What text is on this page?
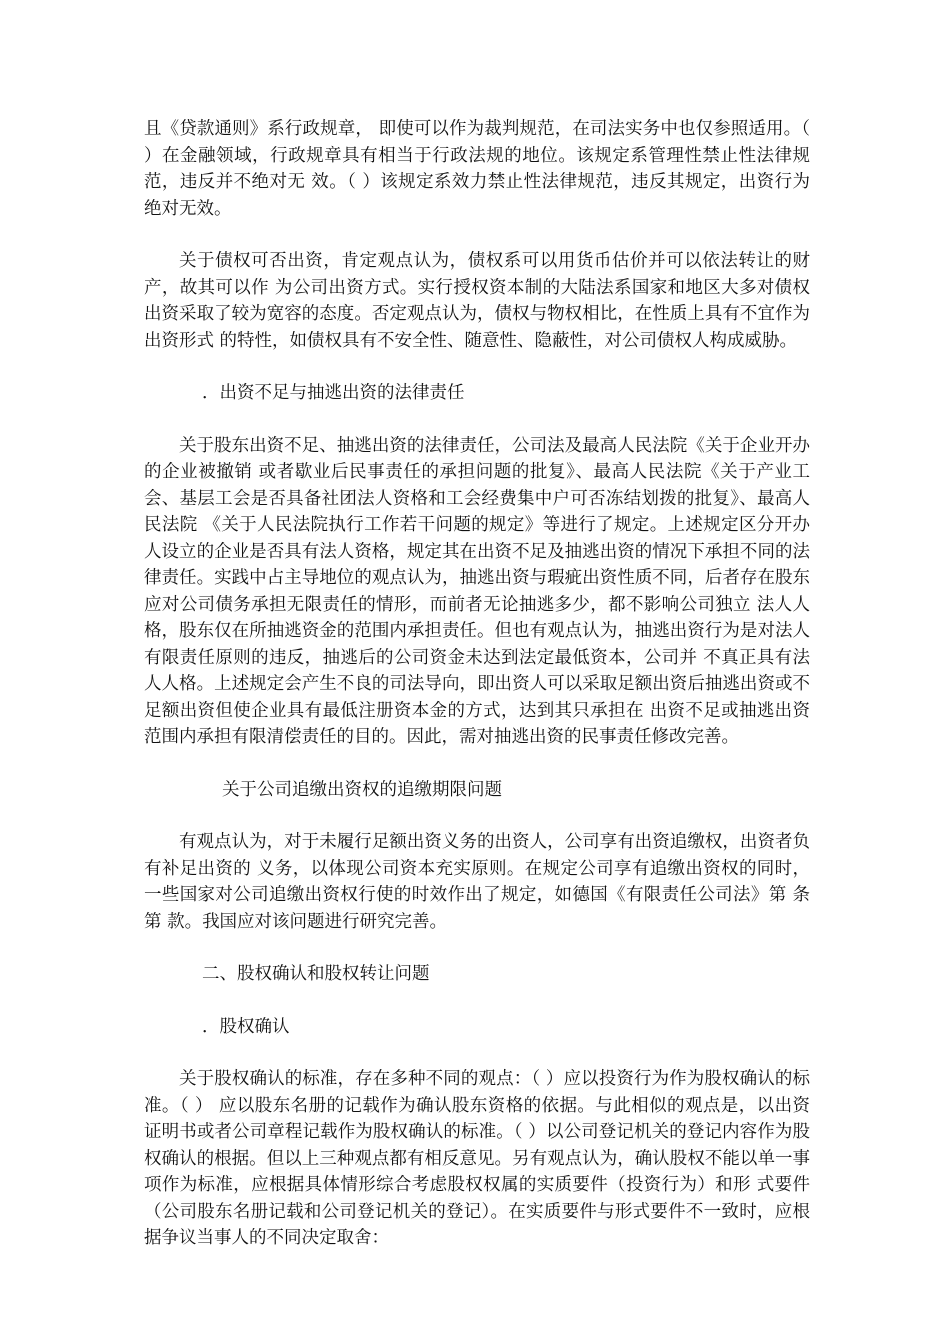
且《贷款通则》系行政规章， 即使可以作为裁判规范，在司法实务中也仅参照适用。（ ）在金融领域，行政规章具有相当于行政法规的地位。该规定系管理性禁止性法律规范，违反并不绝对无 效。（ ）该规定系效力禁止性法律规范，违反其规定，出资行为绝对无效。

关于债权可否出资，肯定观点认为，债权系可以用货币估价并可以依法转让的财产，故其可以作 为公司出资方式。实行授权资本制的大陆法系国家和地区大多对债权出资采取了较为宽容的态度。否定观点认为，债权与物权相比，在性质上具有不宜作为出资形式 的特性，如债权具有不安全性、随意性、隐蔽性，对公司债权人构成威胁。

．出资不足与抽逃出资的法律责任

关于股东出资不足、抽逃出资的法律责任，公司法及最高人民法院《关于企业开办的企业被撤销 或者歇业后民事责任的承担问题的批复》、最高人民法院《关于产业工会、基层工会是否具备社团法人资格和工会经费集中户可否冻结划拨的批复》、最高人民法院 《关于人民法院执行工作若干问题的规定》等进行了规定。上述规定区分开办人设立的企业是否具有法人资格，规定其在出资不足及抽逃出资的情况下承担不同的法 律责任。实践中占主导地位的观点认为，抽逃出资与瑕疵出资性质不同，后者存在股东应对公司债务承担无限责任的情形，而前者无论抽逃多少，都不影响公司独立 法人人格，股东仅在所抽逃资金的范围内承担责任。但也有观点认为，抽逃出资行为是对法人有限责任原则的违反，抽逃后的公司资金未达到法定最低资本，公司并 不真正具有法人人格。上述规定会产生不良的司法导向，即出资人可以采取足额出资后抽逃出资或不足额出资但使企业具有最低注册资本金的方式，达到其只承担在 出资不足或抽逃出资范围内承担有限清偿责任的目的。因此，需对抽逃出资的民事责任修改完善。

关于公司追缴出资权的追缴期限问题

有观点认为，对于未履行足额出资义务的出资人，公司享有出资追缴权，出资者负有补足出资的 义务，以体现公司资本充实原则。在规定公司享有追缴出资权的同时，一些国家对公司追缴出资权行使的时效作出了规定，如德国《有限责任公司法》第 条第 款。我国应对该问题进行研究完善。

二、股权确认和股权转让问题

．股权确认

关于股权确认的标准，存在多种不同的观点：（ ）应以投资行为作为股权确认的标准。（ ） 应以股东名册的记载作为确认股东资格的依据。与此相似的观点是，以出资证明书或者公司章程记载作为股权确认的标准。（ ）以公司登记机关的登记内容作为股 权确认的根据。但以上三种观点都有相反意见。另有观点认为，确认股权不能以单一事项作为标准，应根据具体情形综合考虑股权权属的实质要件（投资行为）和形 式要件（公司股东名册记载和公司登记机关的登记）。在实质要件与形式要件不一致时，应根据争议当事人的不同决定取舍：
